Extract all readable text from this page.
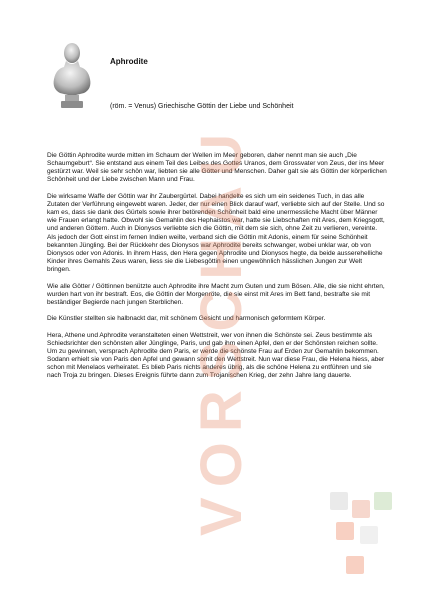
Aphrodite
(röm. = Venus) Griechische Göttin der Liebe und Schönheit

Die Göttin Aphrodite wurde mitten im Schaum der Wellen im Meer geboren, daher nennt man sie auch „Die Schaumgeburt“. Sie entstand aus einem Teil des Leibes des Gottes Uranos, dem Grossvater von Zeus, der ins Meer gestürzt war. Weil sie sehr schön war, liebten sie alle Götter und Menschen. Daher galt sie als Göttin der körperlichen Schönheit und der Liebe zwischen Mann und Frau.

Die wirksame Waffe der Göttin war ihr Zaubergürtel. Dabei handelte es sich um ein seidenes Tuch, in das alle Zutaten der Verführung eingewebt waren. Jeder, der nur einen Blick darauf warf, verliebte sich auf der Stelle. Und so kam es, dass sie dank des Gürtels sowie ihrer betörenden Schönheit bald eine unermessliche Macht über Männer wie Frauen erlangt hatte. Obwohl sie Gemahlin des Hephaistos war, hatte sie Liebschaften mit Ares, dem Kriegsgott, und anderen Göttern. Auch in Dionysos verliebte sich die Göttin, mit dem sie sich, ohne Zeit zu verlieren, vereinte. Als jedoch der Gott einst im fernen Indien weilte, verband sich die Göttin mit Adonis, einem für seine Schönheit bekannten Jüngling. Bei der Rückkehr des Dionysos war Aphrodite bereits schwanger, wobei unklar war, ob von Dionysos oder von Adonis. In ihrem Hass, den Hera gegen Aphrodite und Dionysos hegte, da beide ausserehelliche Kinder ihres Gemahls Zeus waren, liess sie die Liebesgöttin einen ungewöhnlich hässlichen Jungen zur Welt bringen.

Wie alle Götter / Göttinnen benützte auch Aphrodite ihre Macht zum Guten und zum Bösen. Alle, die sie nicht ehrten, wurden hart von ihr bestraft. Eos, die Göttin der Morgenröte, die sie einst mit Ares im Bett fand, bestrafte sie mit beständiger Begierde nach jungen Sterblichen.

Die Künstler stellten sie halbnackt dar, mit schönem Gesicht und harmonisch geformtem Körper.

Hera, Athene und Aphrodite veranstalteten einen Wettstreit, wer von ihnen die Schönste sei. Zeus bestimmte als Schiedsrichter den schönsten aller Jünglinge, Paris, und gab ihm einen Apfel, den er der Schönsten reichen sollte. Um zu gewinnen, versprach Aphrodite dem Paris, er werde die schönste Frau auf Erden zur Gemahlin bekommen. Sodann erhielt sie von Paris den Apfel und gewann somit den Wettstreit. Nun war diese Frau, die Helena hiess, aber schon mit Menelaos verheiratet. Es blieb Paris nichts anderes übrig, als die schöne Helena zu entführen und sie nach Troja zu bringen. Dieses Ereignis führte dann zum Trojanischen Krieg, der zehn Jahre lang dauerte.

VORSCHAU
